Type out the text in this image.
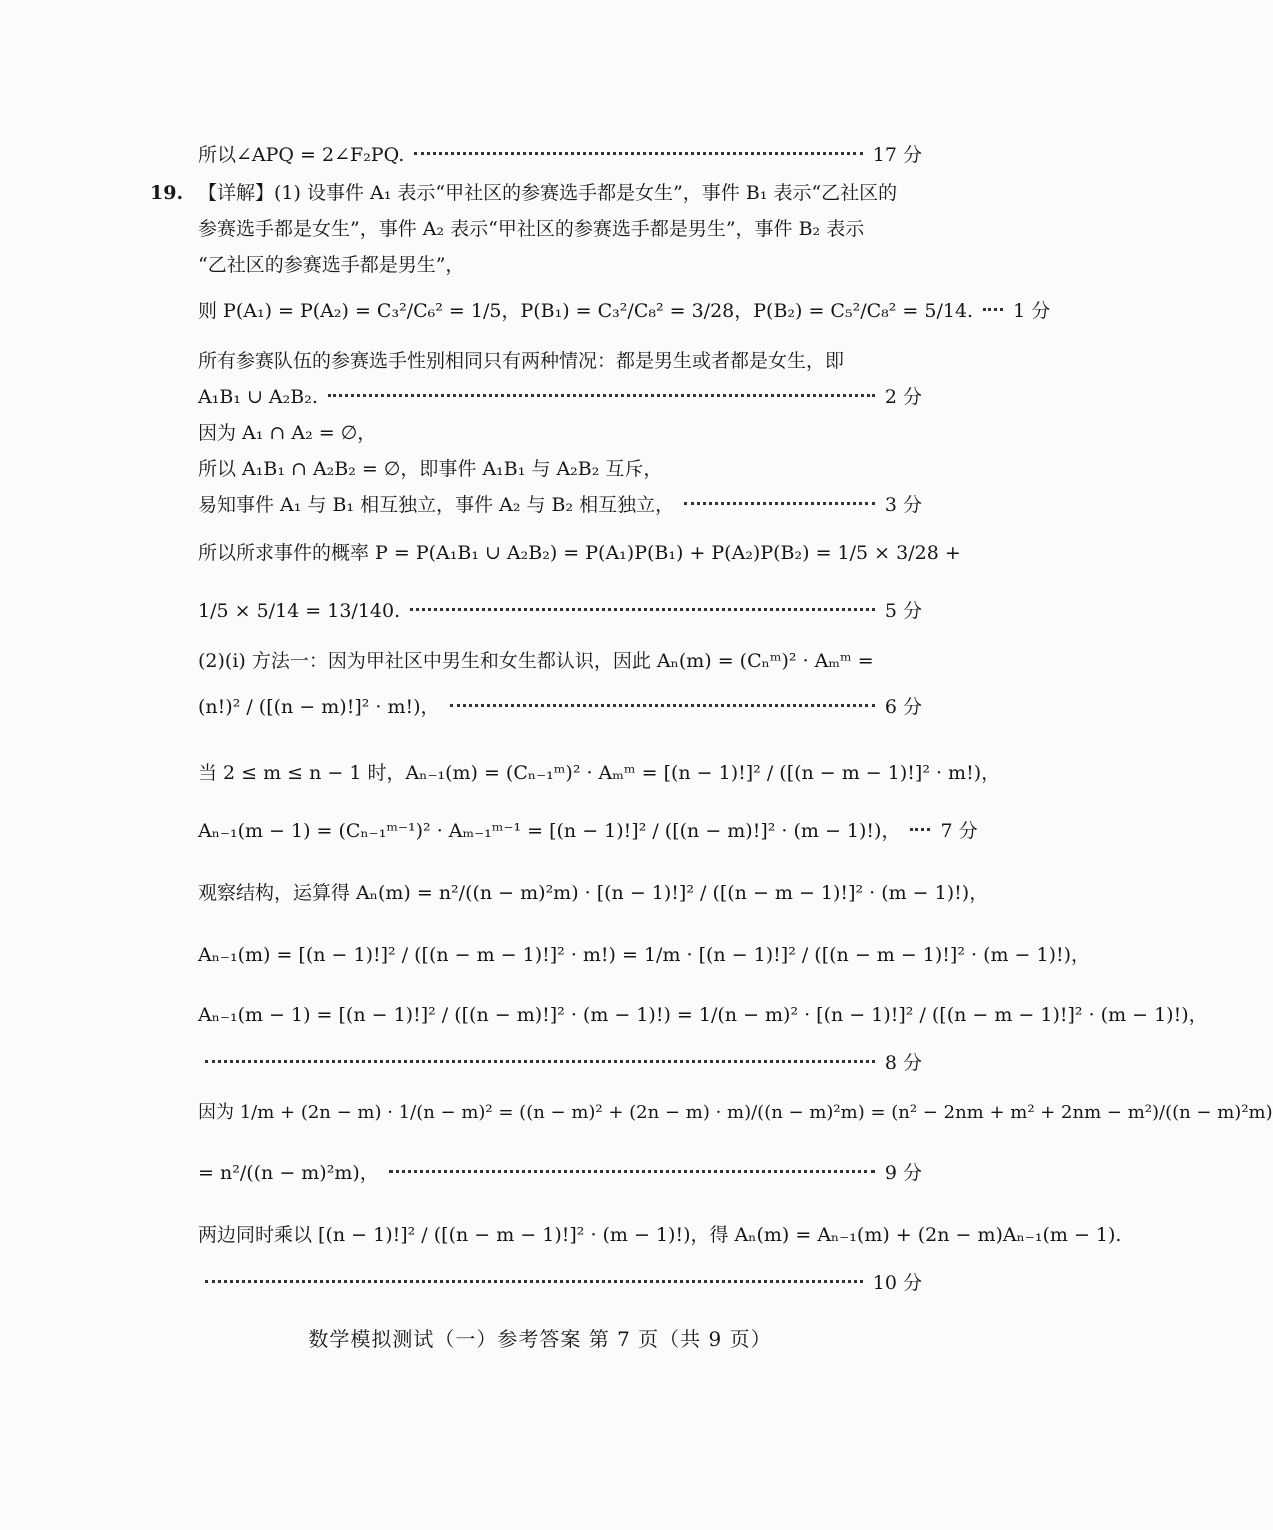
所以∠APQ = 2∠F₂PQ.	17 分
19. 【详解】(1) 设事件 A₁ 表示“甲社区的参赛选手都是女生”，事件 B₁ 表示“乙社区的
参赛选手都是女生”，事件 A₂ 表示“甲社区的参赛选手都是男生”，事件 B₂ 表示
“乙社区的参赛选手都是男生”，
则 P(A₁) = P(A₂) = C₃²/C₆² = 1/5，P(B₁) = C₃²/C₈² = 3/28，P(B₂) = C₅²/C₈² = 5/14. 1 分
所有参赛队伍的参赛选手性别相同只有两种情况：都是男生或者都是女生，即
A₁B₁ ∪ A₂B₂.	2 分
因为 A₁ ∩ A₂ = ∅，
所以 A₁B₁ ∩ A₂B₂ = ∅，即事件 A₁B₁ 与 A₂B₂ 互斥，
易知事件 A₁ 与 B₁ 相互独立，事件 A₂ 与 B₂ 相互独立，	3 分
所以所求事件的概率 P = P(A₁B₁ ∪ A₂B₂) = P(A₁)P(B₁) + P(A₂)P(B₂) = 1/5 × 3/28 +
1/5 × 5/14 = 13/140.	5 分
(2)(i) 方法一：因为甲社区中男生和女生都认识，因此 Aₙ(m) = (Cₙᵐ)² · Aₘᵐ =
(n!)² / ([(n − m)!]² · m!)，	6 分
当 2 ≤ m ≤ n − 1 时，Aₙ₋₁(m) = (Cₙ₋₁ᵐ)² · Aₘᵐ = [(n − 1)!]² / ([(n − m − 1)!]² · m!)，
Aₙ₋₁(m − 1) = (Cₙ₋₁ᵐ⁻¹)² · Aₘ₋₁ᵐ⁻¹ = [(n − 1)!]² / ([(n − m)!]² · (m − 1)!)， 7 分
观察结构，运算得 Aₙ(m) = n²/((n − m)²m) · [(n − 1)!]² / ([(n − m − 1)!]² · (m − 1)!)，
Aₙ₋₁(m) = [(n − 1)!]² / ([(n − m − 1)!]² · m!) = 1/m · [(n − 1)!]² / ([(n − m − 1)!]² · (m − 1)!)，
Aₙ₋₁(m − 1) = [(n − 1)!]² / ([(n − m)!]² · (m − 1)!) = 1/(n − m)² · [(n − 1)!]² / ([(n − m − 1)!]² · (m − 1)!)，
8 分
因为 1/m + (2n − m) · 1/(n − m)² = ((n − m)² + (2n − m) · m)/((n − m)²m) = (n² − 2nm + m² + 2nm − m²)/((n − m)²m)
= n²/((n − m)²m)，	9 分
两边同时乘以 [(n − 1)!]² / ([(n − m − 1)!]² · (m − 1)!)，得 Aₙ(m) = Aₙ₋₁(m) + (2n − m)Aₙ₋₁(m − 1).
10 分
数学模拟测试（一）参考答案 第 7 页（共 9 页）
